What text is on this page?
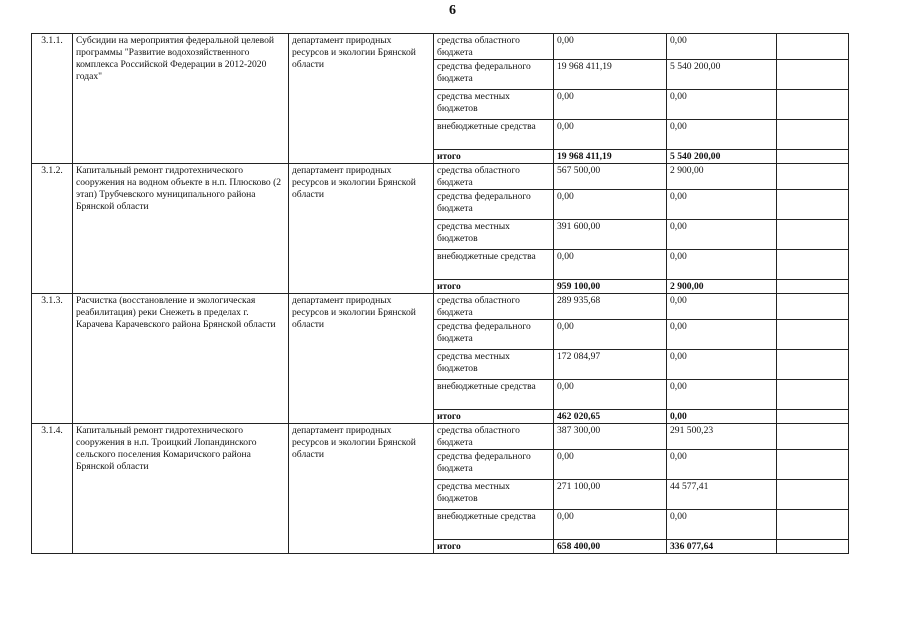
6
3.1.1.	Субсидии на мероприятия федеральной целевой программы "Развитие водохозяйственного комплекса Российской Федерации в 2012-2020 годах"	департамент природных ресурсов и экологии Брянской области	средства областного бюджета	0,00	0,00	
			средства федерального бюджета	19 968 411,19	5 540 200,00	
			средства местных бюджетов	0,00	0,00	
			внебюджетные средства	0,00	0,00	
			итого	19 968 411,19	5 540 200,00	
3.1.2.	Капитальный ремонт гидротехнического сооружения на водном объекте в н.п. Плюсково (2 этап) Трубчевского муниципального района Брянской области	департамент природных ресурсов и экологии Брянской области	средства областного бюджета	567 500,00	2 900,00	
			средства федерального бюджета	0,00	0,00	
			средства местных бюджетов	391 600,00	0,00	
			внебюджетные средства	0,00	0,00	
			итого	959 100,00	2 900,00	
3.1.3.	Расчистка (восстановление и экологическая реабилитация) реки Снежеть в пределах г. Карачева Карачевского района Брянской области	департамент природных ресурсов и экологии Брянской области	средства областного бюджета	289 935,68	0,00	
			средства федерального бюджета	0,00	0,00	
			средства местных бюджетов	172 084,97	0,00	
			внебюджетные средства	0,00	0,00	
			итого	462 020,65	0,00	
3.1.4.	Капитальный ремонт гидротехнического сооружения в н.п. Троицкий Лопандинского сельского поселения Комаричского района Брянской области	департамент природных ресурсов и экологии Брянской области	средства областного бюджета	387 300,00	291 500,23	
			средства федерального бюджета	0,00	0,00	
			средства местных бюджетов	271 100,00	44 577,41	
			внебюджетные средства	0,00	0,00	
			итого	658 400,00	336 077,64	
